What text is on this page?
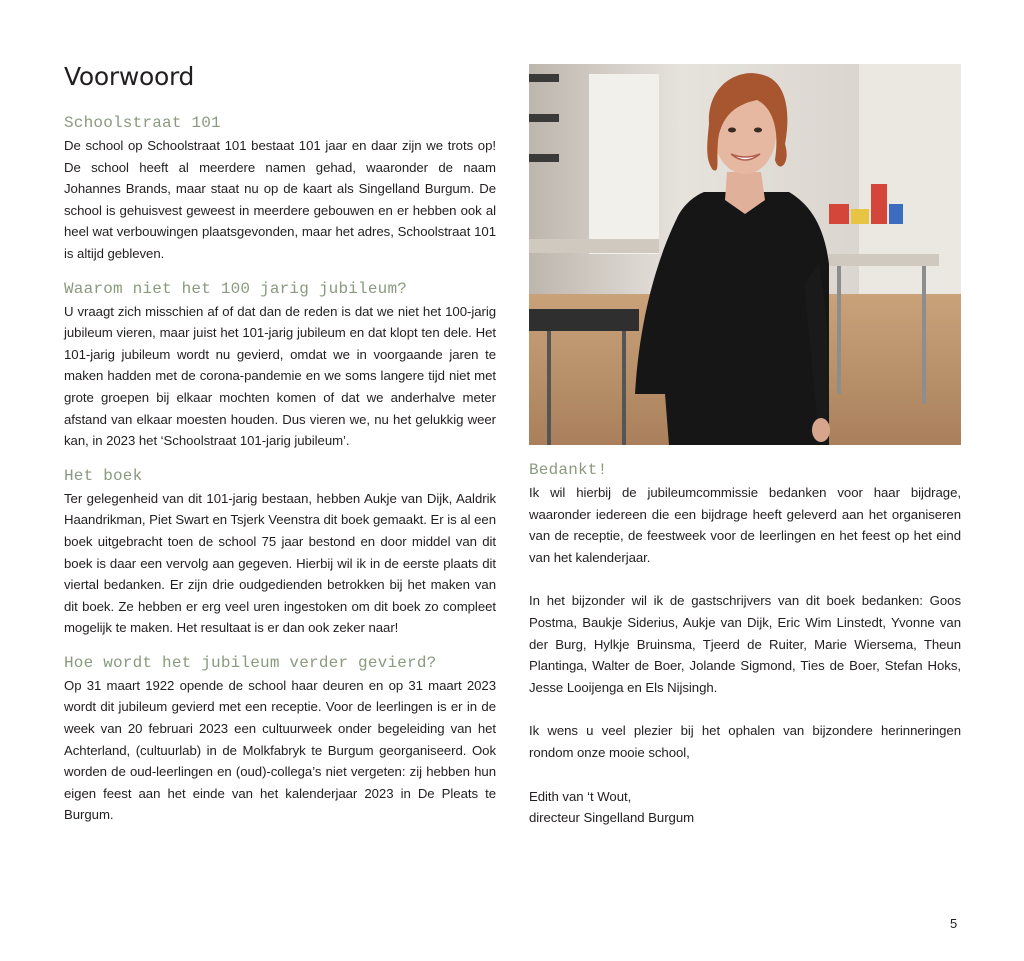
Voorwoord
Schoolstraat 101

De school op Schoolstraat 101 bestaat 101 jaar en daar zijn we trots op! De school heeft al meerdere namen gehad, waaronder de naam Johannes Brands, maar staat nu op de kaart als Singelland Burgum. De school is gehuisvest geweest in meerdere gebouwen en er hebben ook al heel wat verbouwingen plaatsgevonden, maar het adres, Schoolstraat 101 is altijd gebleven.

Waarom niet het 100 jarig jubileum?

U vraagt zich misschien af of dat dan de reden is dat we niet het 100-jarig jubileum vieren, maar juist het 101-jarig jubileum en dat klopt ten dele. Het 101-jarig jubileum wordt nu gevierd, omdat we in voorgaande jaren te maken hadden met de corona-pandemie en we soms langere tijd niet met grote groepen bij elkaar mochten komen of dat we anderhalve meter afstand van elkaar moesten houden. Dus vieren we, nu het gelukkig weer kan, in 2023 het ‘Schoolstraat 101-jarig jubileum’.

Het boek

Ter gelegenheid van dit 101-jarig bestaan, hebben Aukje van Dijk, Aaldrik Haandrikman, Piet Swart en Tsjerk Veenstra dit boek gemaakt. Er is al een boek uitgebracht toen de school 75 jaar bestond en door middel van dit boek is daar een vervolg aan gegeven. Hierbij wil ik in de eerste plaats dit viertal bedanken. Er zijn drie oudgedienden betrokken bij het maken van dit boek. Ze hebben er erg veel uren ingestoken om dit boek zo compleet mogelijk te maken. Het resultaat is er dan ook zeker naar!

Hoe wordt het jubileum verder gevierd?

Op 31 maart 1922 opende de school haar deuren en op 31 maart 2023 wordt dit jubileum gevierd met een receptie. Voor de leerlingen is er in de week van 20 februari 2023 een cultuurweek onder begeleiding van het Achterland, (cultuurlab) in de Molkfabryk te Burgum georganiseerd. Ook worden de oud-leerlingen en (oud)-collega’s niet vergeten: zij hebben hun eigen feest aan het einde van het kalenderjaar 2023 in De Pleats te Burgum.

Bedankt!

Ik wil hierbij de jubileumcommissie bedanken voor haar bijdrage, waaronder iedereen die een bijdrage heeft geleverd aan het organiseren van de receptie, de feestweek voor de leerlingen en het feest op het eind van het kalenderjaar.

In het bijzonder wil ik de gastschrijvers van dit boek bedanken: Goos Postma, Baukje Siderius, Aukje van Dijk, Eric Wim Linstedt, Yvonne van der Burg, Hylkje Bruinsma, Tjeerd de Ruiter, Marie Wiersema, Theun Plantinga, Walter de Boer, Jolande Sigmond, Ties de Boer, Stefan Hoks, Jesse Looijenga en Els Nijsingh.

Ik wens u veel plezier bij het ophalen van bijzondere herinneringen rondom onze mooie school,

Edith van ‘t Wout,

directeur Singelland Burgum

5
